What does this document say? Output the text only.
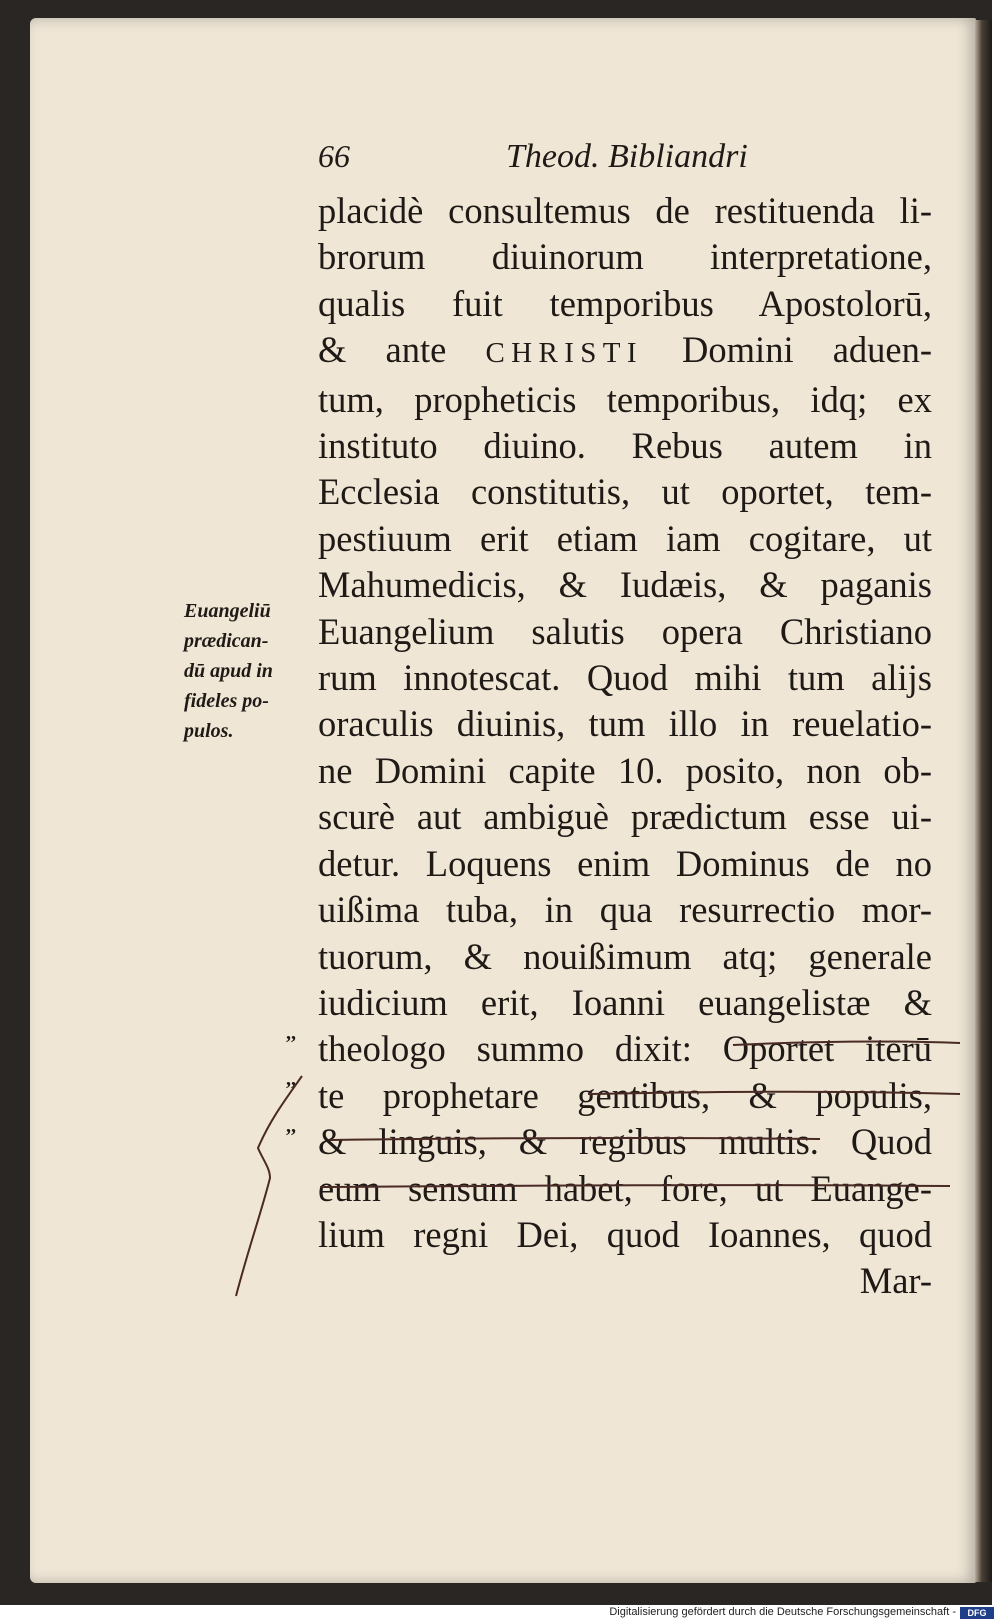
66	Theod. Bibliandri
placidè consultemus de restituenda li-
brorum diuinorum interpretatione,
qualis fuit temporibus Apostolorū,
& ante CHRISTI Domini aduen-
tum, propheticis temporibus, idq; ex
instituto diuino. Rebus autem in
Ecclesia constitutis, ut oportet, tem-
pestiuum erit etiam iam cogitare, ut
Mahumedicis, & Iudæis, & paganis
Euangelium salutis opera Christiano
rum innotescat. Quod mihi tum alijs
oraculis diuinis, tum illo in reuelatio-
ne Domini capite 10. posito, non ob-
scurè aut ambiguè prædictum esse ui-
detur. Loquens enim Dominus de no
uißima tuba, in qua resurrectio mor-
tuorum, & nouißimum atq; generale
iudicium erit, Ioanni euangelistæ &
theologo summo dixit: Oportet iterū
te prophetare gentibus, & populis,
& linguis, & regibus multis. Quod
eum sensum habet, fore, ut Euange-
lium regni Dei, quod Ioannes, quod
Mar-
Euangeliū
prædican-
dū apud in
fideles po-
pulos.
,,
,,
,,
Digitalisierung gefördert durch die Deutsche Forschungsgemeinschaft -	DFG
